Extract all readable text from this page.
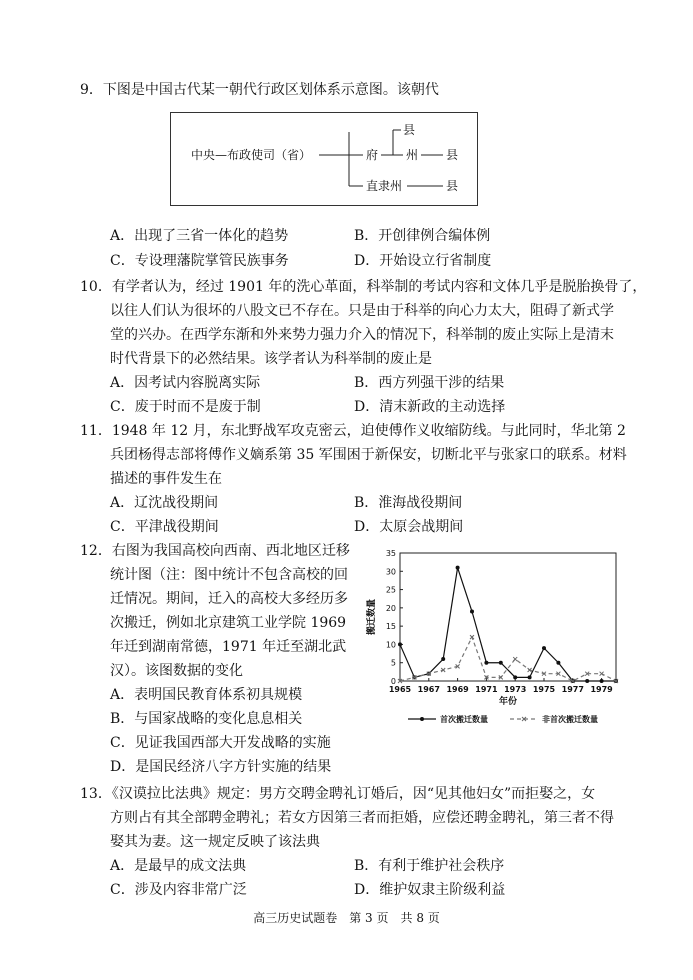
9．下图是中国古代某一朝代行政区划体系示意图。该朝代
中央—布政使司（省）	府
县
州 县
直隶州	县
A．出现了三省一体化的趋势	B．开创律例合编体例
C．专设理藩院掌管民族事务	D．开始设立行省制度
10．有学者认为，经过 1901 年的洗心革面，科举制的考试内容和文体几乎是脱胎换骨了，
以往人们认为很坏的八股文已不存在。只是由于科举的向心力太大，阻碍了新式学
堂的兴办。在西学东渐和外来势力强力介入的情况下，科举制的废止实际上是清末
时代背景下的必然结果。该学者认为科举制的废止是
A．因考试内容脱离实际	B．西方列强干涉的结果
C．废于时而不是废于制	D．清末新政的主动选择
11．1948 年 12 月，东北野战军攻克密云，迫使傅作义收缩防线。与此同时，华北第 2
兵团杨得志部将傅作义嫡系第 35 军围困于新保安，切断北平与张家口的联系。材料
描述的事件发生在
A．辽沈战役期间	B．淮海战役期间
C．平津战役期间	D．太原会战期间
12．右图为我国高校向西南、西北地区迁移
统计图（注：图中统计不包含高校的回
迁情况。期间，迁入的高校大多经历多
次搬迁，例如北京建筑工业学院 1969
年迁到湖南常德，1971 年迁至湖北武
汉）。该图数据的变化
A．表明国民教育体系初具规模
B．与国家战略的变化息息相关
C．见证我国西部大开发战略的实施
D．是国民经济八字方针实施的结果
0
5
10
15
20
25
30
35
1965 1967 1969 1971 1973 1975 1977 1979
年份
搬迁数量
首次搬迁数量	非首次搬迁数量
13．《汉谟拉比法典》规定：男方交聘金聘礼订婚后，因“见其他妇女”而拒娶之，女
方则占有其全部聘金聘礼；若女方因第三者而拒婚，应偿还聘金聘礼，第三者不得
娶其为妻。这一规定反映了该法典
A．是最早的成文法典	B．有利于维护社会秩序
C．涉及内容非常广泛	D．维护奴隶主阶级利益
高三历史试题卷　第 3 页　共 8 页
